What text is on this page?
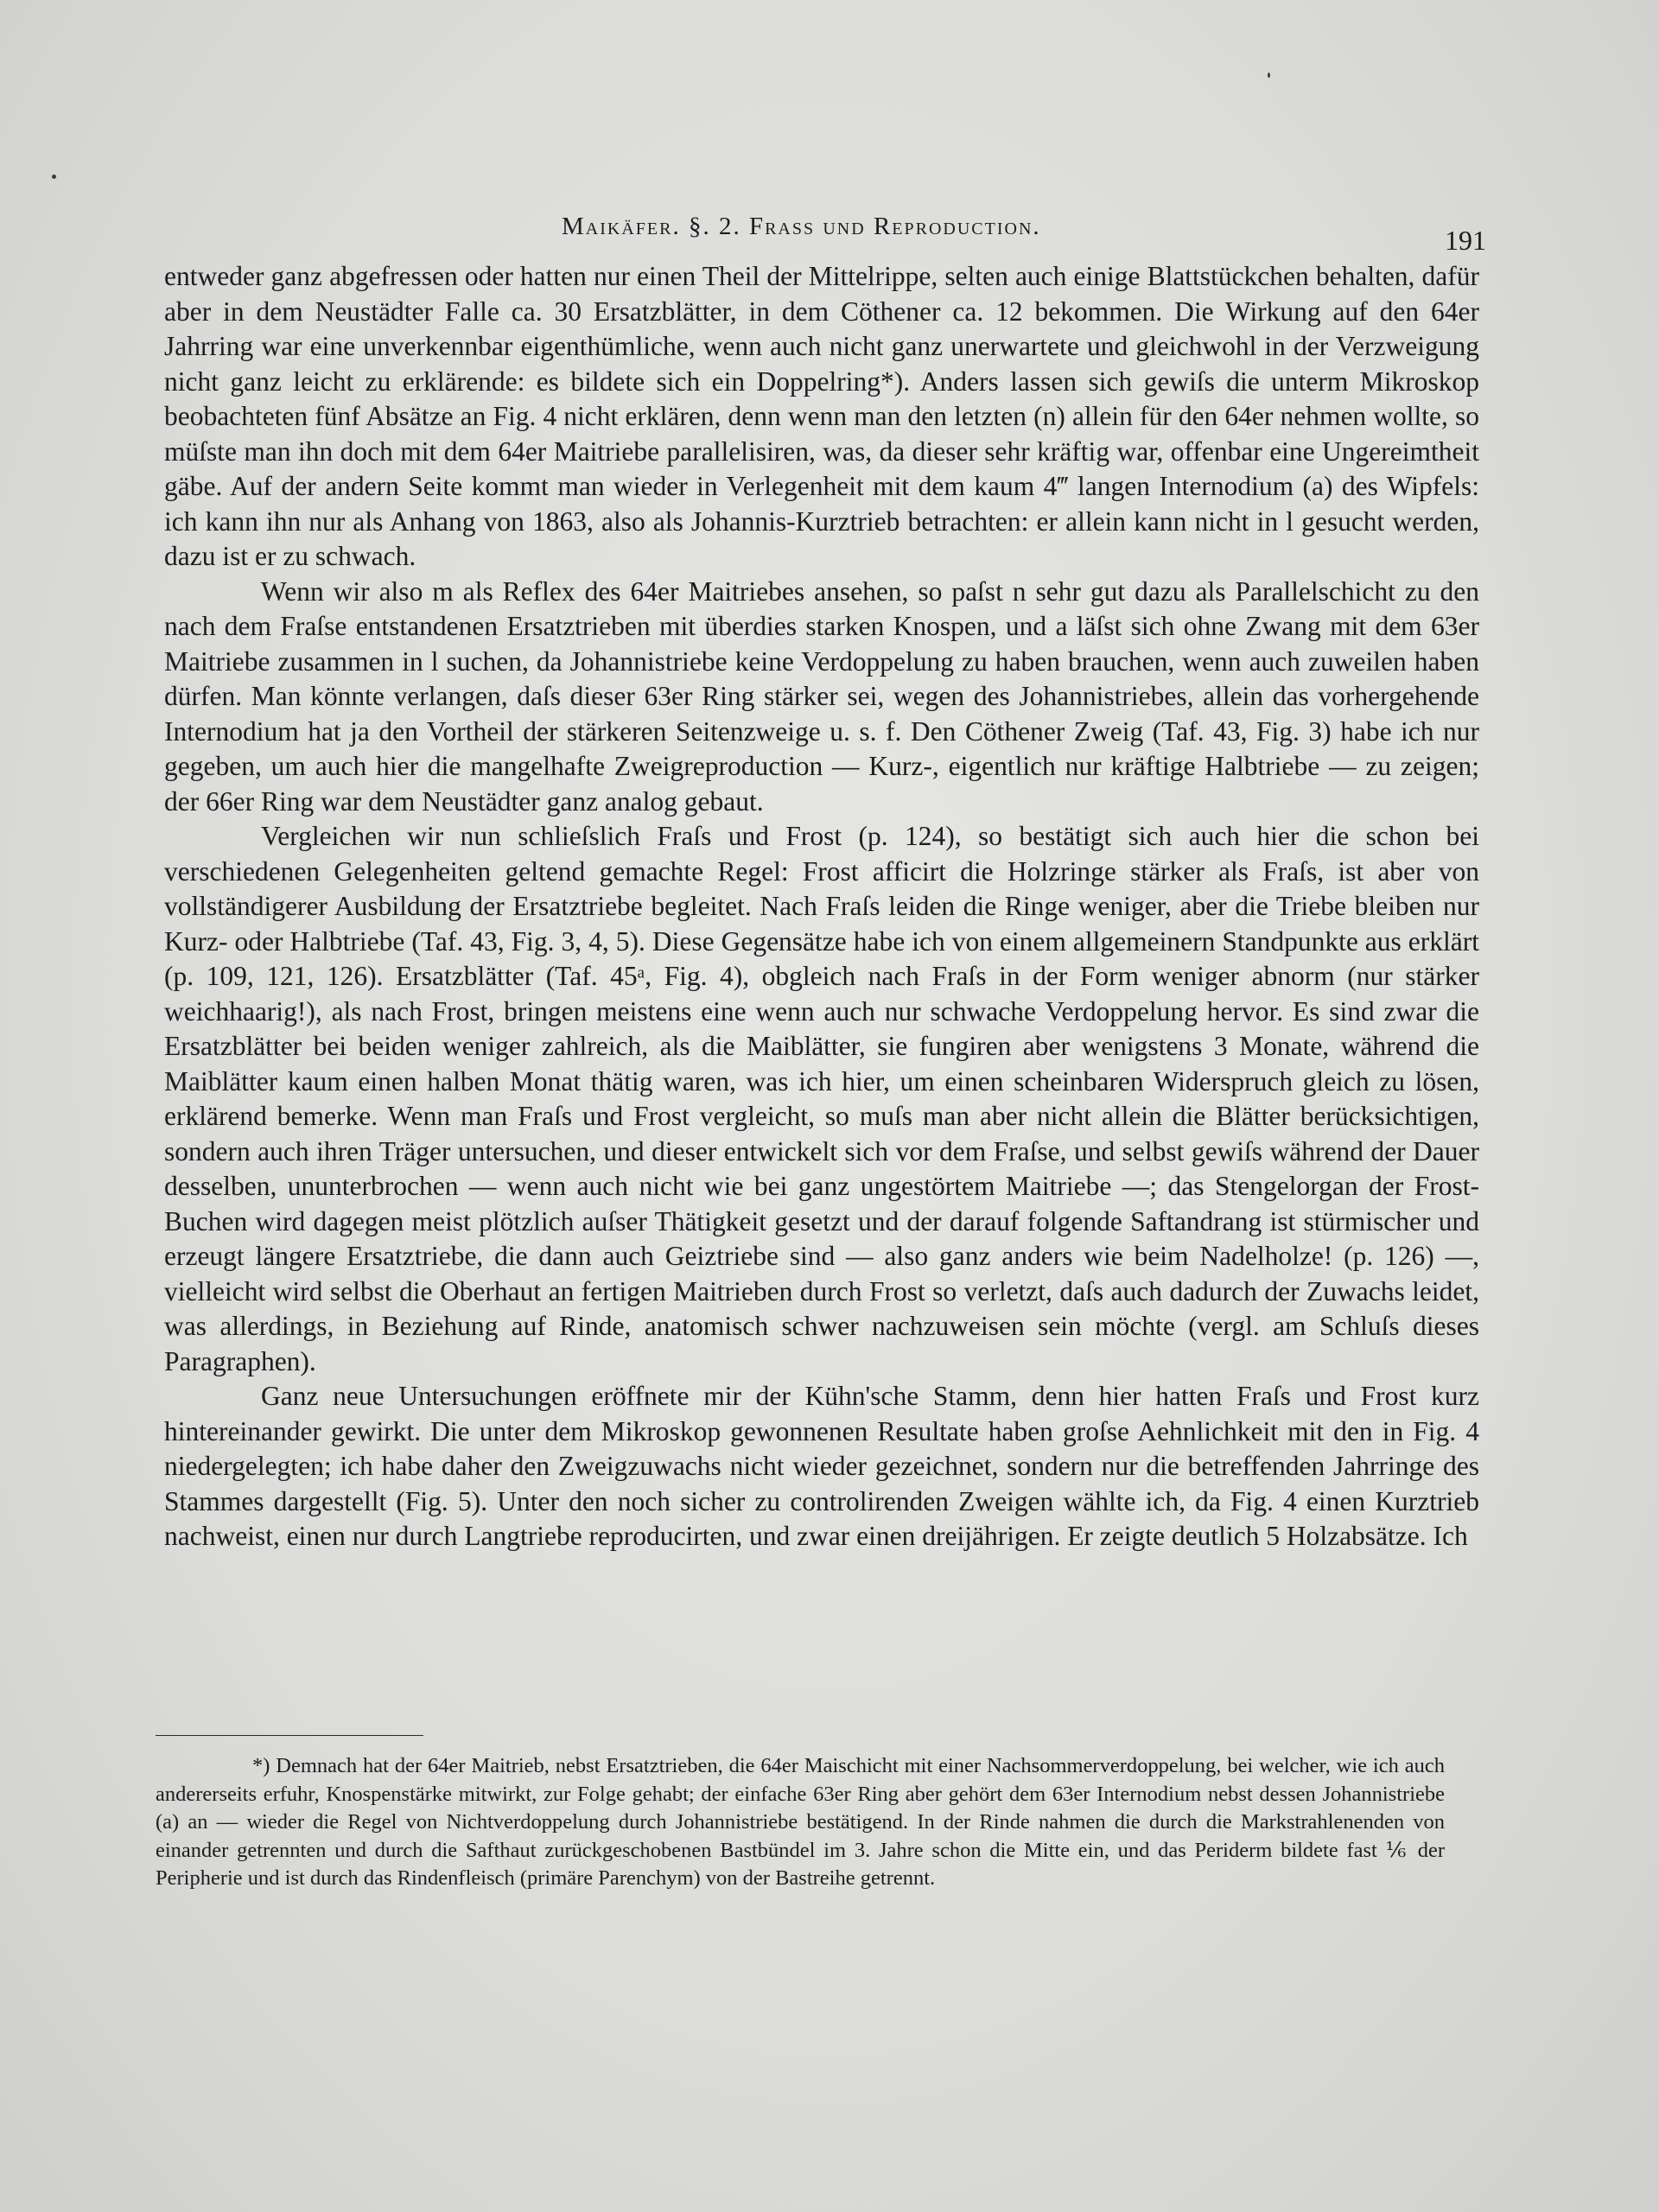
Maikäfer. §. 2. Frass und Reproduction.	191

entweder ganz abgefressen oder hatten nur einen Theil der Mittelrippe, selten auch einige Blattstückchen behalten, dafür aber in dem Neustädter Falle ca. 30 Ersatzblätter, in dem Cöthener ca. 12 bekommen. Die Wirkung auf den 64er Jahrring war eine unverkennbar eigenthümliche, wenn auch nicht ganz unerwartete und gleichwohl in der Verzweigung nicht ganz leicht zu erklärende: es bildete sich ein Doppelring*). Anders lassen sich gewiſs die unterm Mikroskop beobachteten fünf Absätze an Fig. 4 nicht erklären, denn wenn man den letzten (n) allein für den 64er nehmen wollte, so müſste man ihn doch mit dem 64er Maitriebe parallelisiren, was, da dieser sehr kräftig war, offenbar eine Ungereimtheit gäbe. Auf der andern Seite kommt man wieder in Verlegenheit mit dem kaum 4‴ langen Internodium (a) des Wipfels: ich kann ihn nur als Anhang von 1863, also als Johannis-Kurztrieb betrachten: er allein kann nicht in l gesucht werden, dazu ist er zu schwach.

Wenn wir also m als Reflex des 64er Maitriebes ansehen, so paſst n sehr gut dazu als Parallelschicht zu den nach dem Fraſse entstandenen Ersatztrieben mit überdies starken Knospen, und a läſst sich ohne Zwang mit dem 63er Maitriebe zusammen in l suchen, da Johannistriebe keine Verdoppelung zu haben brauchen, wenn auch zuweilen haben dürfen. Man könnte verlangen, daſs dieser 63er Ring stärker sei, wegen des Johannistriebes, allein das vorhergehende Internodium hat ja den Vortheil der stärkeren Seitenzweige u. s. f. Den Cöthener Zweig (Taf. 43, Fig. 3) habe ich nur gegeben, um auch hier die mangelhafte Zweigreproduction — Kurz-, eigentlich nur kräftige Halbtriebe — zu zeigen; der 66er Ring war dem Neustädter ganz analog gebaut.

Vergleichen wir nun schlieſslich Fraſs und Frost (p. 124), so bestätigt sich auch hier die schon bei verschiedenen Gelegenheiten geltend gemachte Regel: Frost afficirt die Holzringe stärker als Fraſs, ist aber von vollständigerer Ausbildung der Ersatztriebe begleitet. Nach Fraſs leiden die Ringe weniger, aber die Triebe bleiben nur Kurz- oder Halbtriebe (Taf. 43, Fig. 3, 4, 5). Diese Gegensätze habe ich von einem allgemeinern Standpunkte aus erklärt (p. 109, 121, 126). Ersatzblätter (Taf. 45ᵃ, Fig. 4), obgleich nach Fraſs in der Form weniger abnorm (nur stärker weichhaarig!), als nach Frost, bringen meistens eine wenn auch nur schwache Verdoppelung hervor. Es sind zwar die Ersatzblätter bei beiden weniger zahlreich, als die Maiblätter, sie fungiren aber wenigstens 3 Monate, während die Maiblätter kaum einen halben Monat thätig waren, was ich hier, um einen scheinbaren Widerspruch gleich zu lösen, erklärend bemerke. Wenn man Fraſs und Frost vergleicht, so muſs man aber nicht allein die Blätter berücksichtigen, sondern auch ihren Träger untersuchen, und dieser entwickelt sich vor dem Fraſse, und selbst gewiſs während der Dauer desselben, ununterbrochen — wenn auch nicht wie bei ganz ungestörtem Maitriebe —; das Stengelorgan der Frost-Buchen wird dagegen meist plötzlich auſser Thätigkeit gesetzt und der darauf folgende Saftandrang ist stürmischer und erzeugt längere Ersatztriebe, die dann auch Geiztriebe sind — also ganz anders wie beim Nadelholze! (p. 126) —, vielleicht wird selbst die Oberhaut an fertigen Maitrieben durch Frost so verletzt, daſs auch dadurch der Zuwachs leidet, was allerdings, in Beziehung auf Rinde, anatomisch schwer nachzuweisen sein möchte (vergl. am Schluſs dieses Paragraphen).

Ganz neue Untersuchungen eröffnete mir der Kühn'sche Stamm, denn hier hatten Fraſs und Frost kurz hintereinander gewirkt. Die unter dem Mikroskop gewonnenen Resultate haben groſse Aehnlichkeit mit den in Fig. 4 niedergelegten; ich habe daher den Zweigzuwachs nicht wieder gezeichnet, sondern nur die betreffenden Jahrringe des Stammes dargestellt (Fig. 5). Unter den noch sicher zu controlirenden Zweigen wählte ich, da Fig. 4 einen Kurztrieb nachweist, einen nur durch Langtriebe reproducirten, und zwar einen dreijährigen. Er zeigte deutlich 5 Holzabsätze. Ich

*) Demnach hat der 64er Maitrieb, nebst Ersatztrieben, die 64er Maischicht mit einer Nachsommerverdoppelung, bei welcher, wie ich auch andererseits erfuhr, Knospenstärke mitwirkt, zur Folge gehabt; der einfache 63er Ring aber gehört dem 63er Internodium nebst dessen Johannistriebe (a) an — wieder die Regel von Nichtverdoppelung durch Johannistriebe bestätigend. In der Rinde nahmen die durch die Markstrahlenenden von einander getrennten und durch die Safthaut zurückgeschobenen Bastbündel im 3. Jahre schon die Mitte ein, und das Periderm bildete fast ⅙ der Peripherie und ist durch das Rindenfleisch (primäre Parenchym) von der Bastreihe getrennt.
